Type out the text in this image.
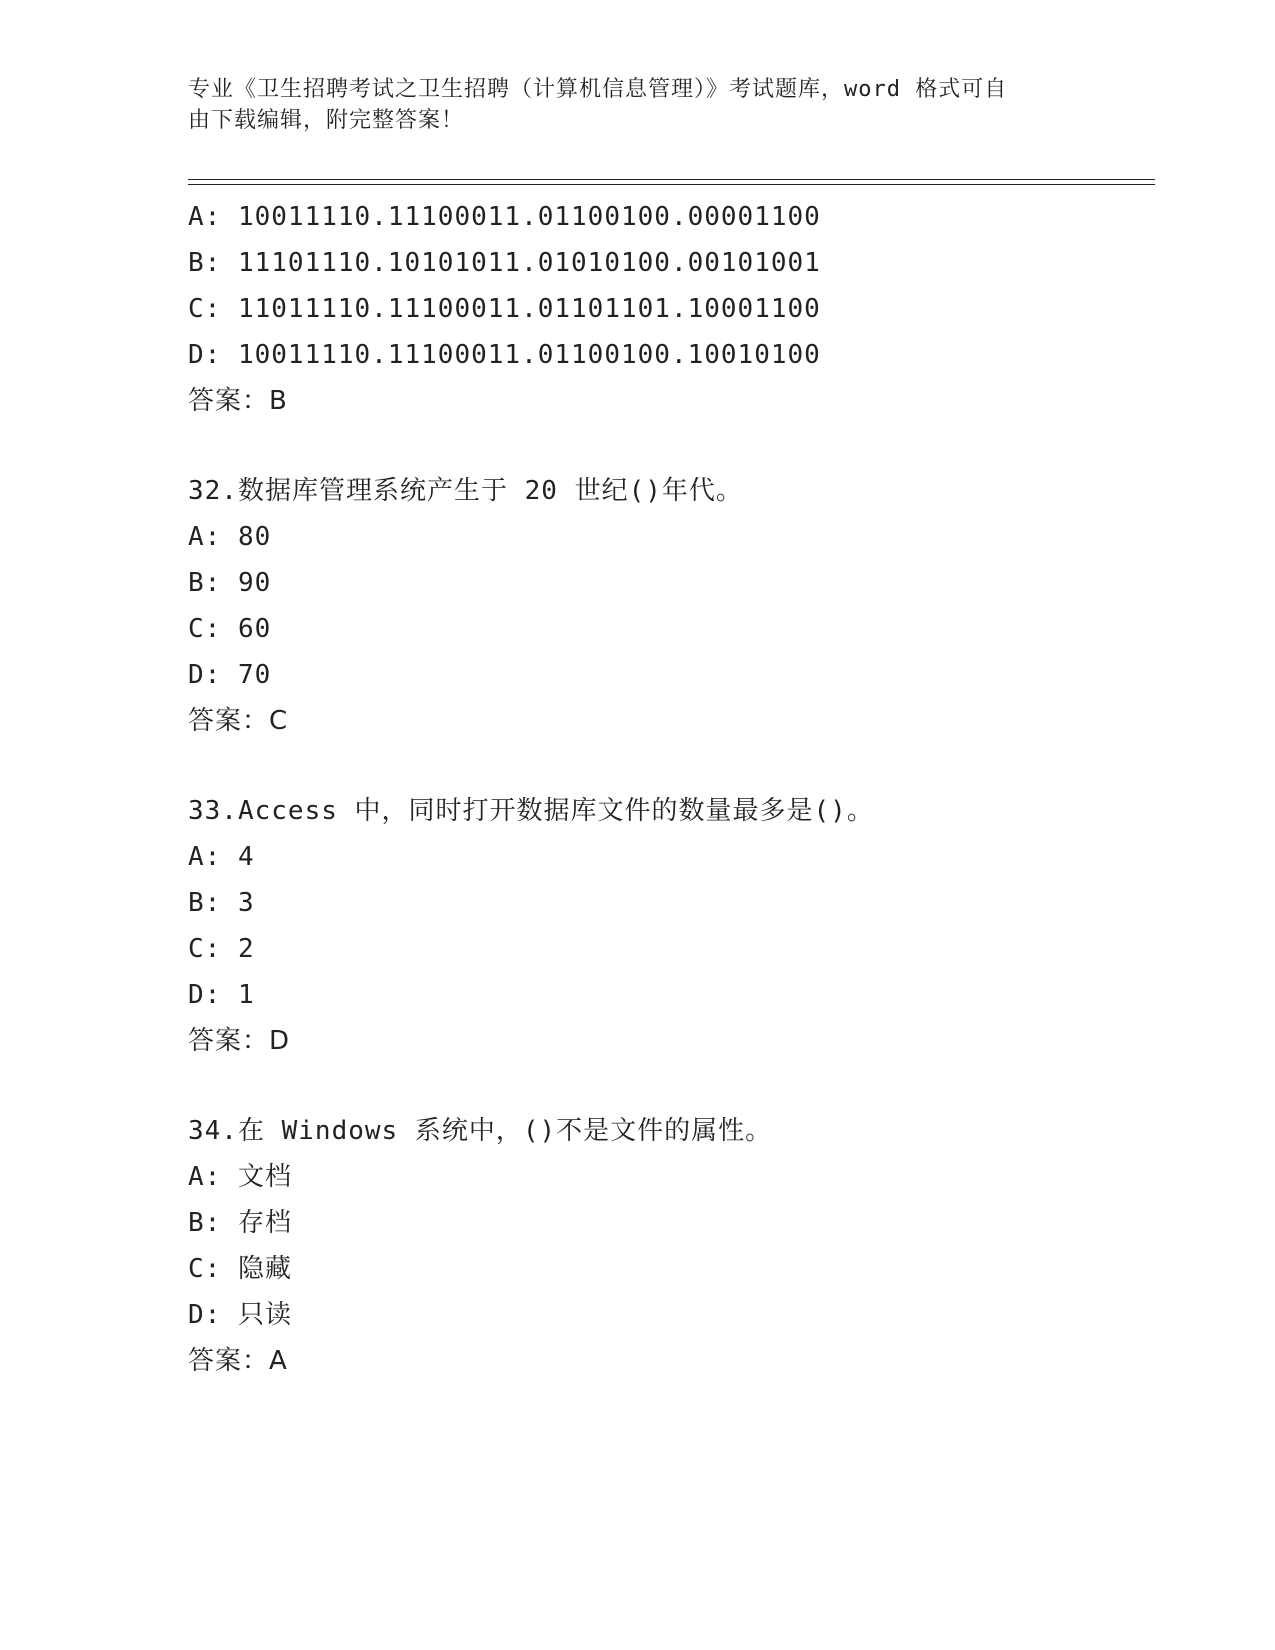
专业《卫生招聘考试之卫生招聘（计算机信息管理）》考试题库，word 格式可自
由下载编辑，附完整答案！
A: 10011110.11100011.01100100.00001100
B: 11101110.10101011.01010100.00101001
C: 11011110.11100011.01101101.10001100
D: 10011110.11100011.01100100.10010100
答案：B
32.数据库管理系统产生于 20 世纪()年代。
A: 80
B: 90
C: 60
D: 70
答案：C
33.Access 中，同时打开数据库文件的数量最多是()。
A: 4
B: 3
C: 2
D: 1
答案：D
34.在 Windows 系统中，()不是文件的属性。
A: 文档
B: 存档
C: 隐藏
D: 只读
答案：A
